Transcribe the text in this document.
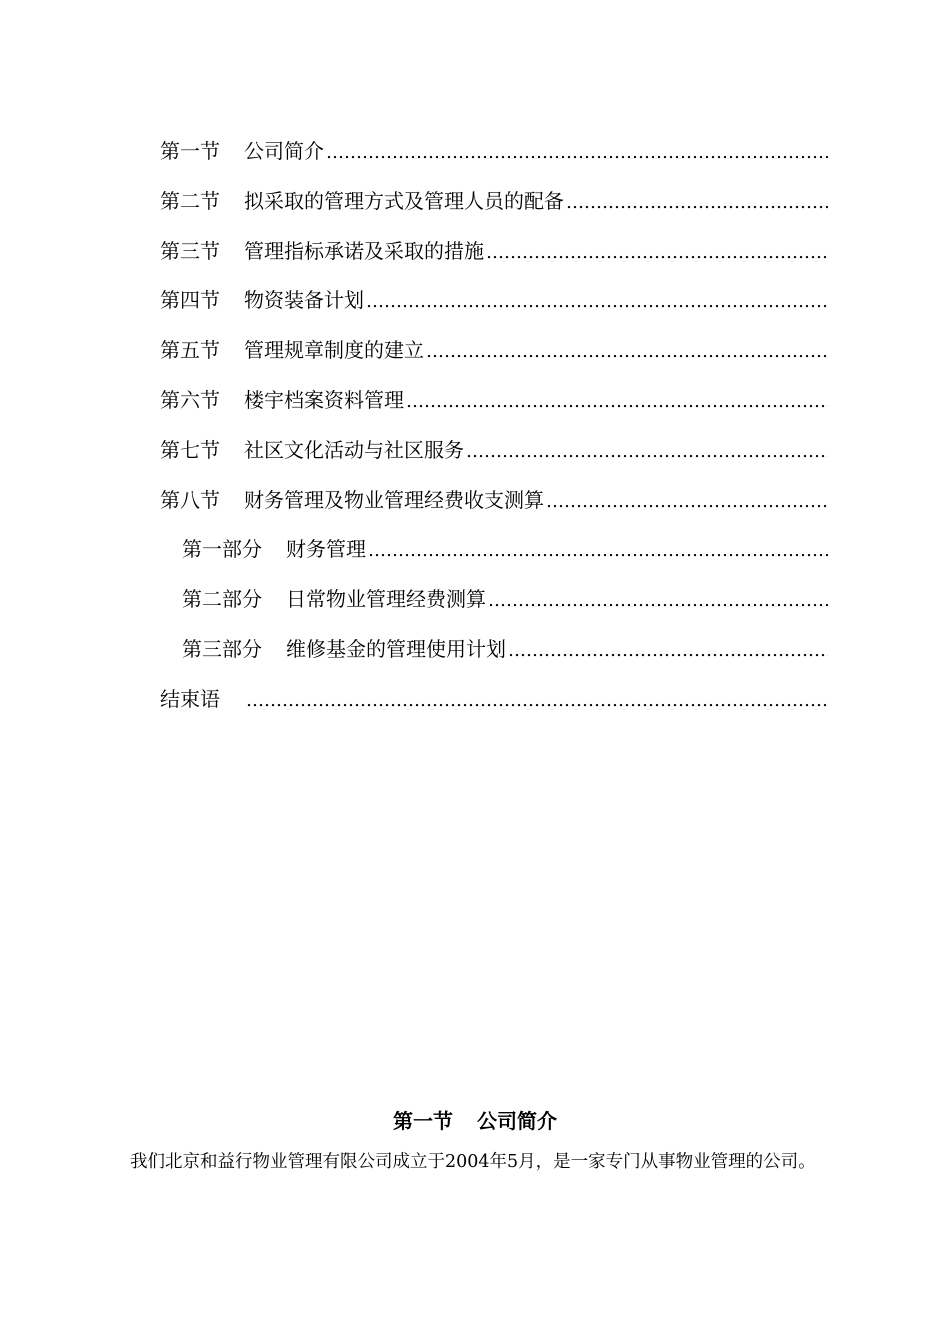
第一节 公司简介
…………………………………………………………………………………………
第二节 拟采取的管理方式及管理人员的配备
…………………………………………………………………………………………
第三节 管理指标承诺及采取的措施
…………………………………………………………………………………………
第四节 物资装备计划
…………………………………………………………………………………………
第五节 管理规章制度的建立
…………………………………………………………………………………………
第六节 楼宇档案资料管理
…………………………………………………………………………………………
第七节 社区文化活动与社区服务
…………………………………………………………………………………………
第八节 财务管理及物业管理经费收支测算
…………………………………………………………………………………………
第一部分 财务管理
…………………………………………………………………………………………
第二部分 日常物业管理经费测算
…………………………………………………………………………………………
第三部分 维修基金的管理使用计划
…………………………………………………………………………………………
结束语
…………………………………………………………………………………………
第一节 公司简介
我们北京和益行物业管理有限公司成立于2004年5月，是一家专门从事物业管理的公司。
